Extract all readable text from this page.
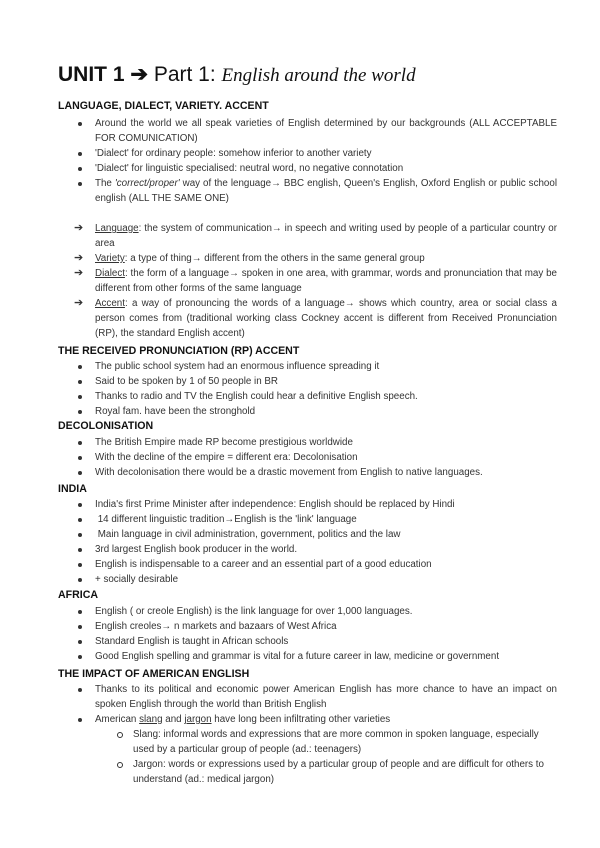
UNIT 1 ➔ Part 1: English around the world
LANGUAGE, DIALECT, VARIETY. ACCENT
Around the world we all speak varieties of English determined by our backgrounds (ALL ACCEPTABLE FOR COMUNICATION)
'Dialect' for ordinary people: somehow inferior to another variety
'Dialect' for linguistic specialised: neutral word, no negative connotation
The 'correct/proper' way of the lenguage→ BBC english, Queen's English, Oxford English or public school english (ALL THE SAME ONE)
➔ Language: the system of communication→ in speech and writing used by people of a particular country or area
➔ Variety: a type of thing→ different from the others in the same general group
➔ Dialect: the form of a language→ spoken in one area, with grammar, words and pronunciation that may be different from other forms of the same language
➔ Accent: a way of pronouncing the words of a language→ shows which country, area or social class a person comes from (traditional working class Cockney accent is different from Received Pronunciation (RP), the standard English accent)
THE RECEIVED PRONUNCIATION (RP) ACCENT
The public school system had an enormous influence spreading it
Said to be spoken by 1 of 50 people in BR
Thanks to radio and TV the English could hear a definitive English speech.
Royal fam. have been the stronghold
DECOLONISATION
The British Empire made RP become prestigious worldwide
With the decline of the empire = different era: Decolonisation
With decolonisation there would be a drastic movement from English to native languages.
INDIA
India's first Prime Minister after independence: English should be replaced by Hindi
14 different linguistic tradition→English is the 'link' language
Main language in civil administration, government, politics and the law
3rd largest English book producer in the world.
English is indispensable to a career and an essential part of a good education
+ socially desirable
AFRICA
English ( or creole English) is the link language for over 1,000 languages.
English creoles→ n markets and bazaars of West Africa
Standard English is taught in African schools
Good English spelling and grammar is vital for a future career in law, medicine or government
THE IMPACT OF AMERICAN ENGLISH
Thanks to its political and economic power American English has more chance to have an impact on spoken English through the world than British English
American slang and jargon have long been infiltrating other varieties
Slang: informal words and expressions that are more common in spoken language, especially used by a particular group of people (ad.: teenagers)
Jargon: words or expressions used by a particular group of people and are difficult for others to understand (ad.: medical jargon)
